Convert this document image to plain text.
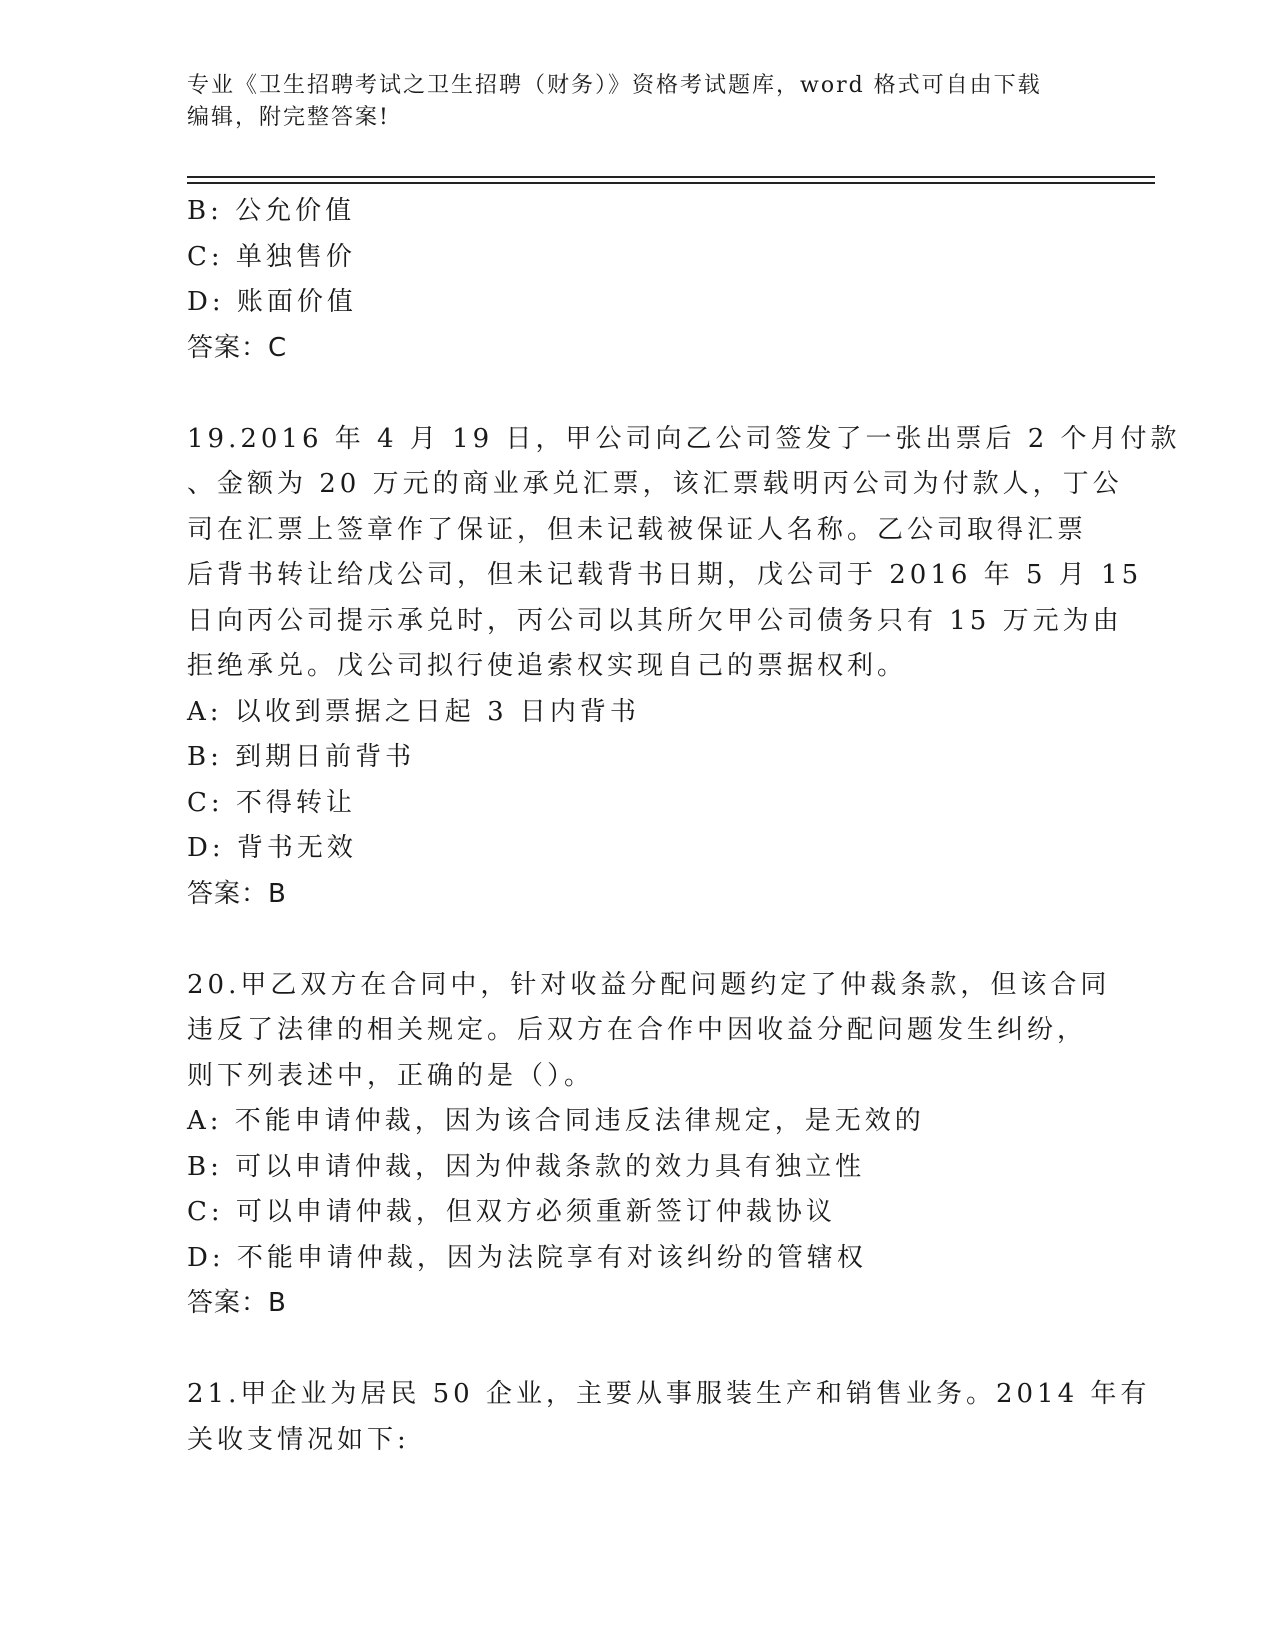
专业《卫生招聘考试之卫生招聘（财务）》资格考试题库，word 格式可自由下载
编辑，附完整答案!
B: 公允价值
C: 单独售价
D: 账面价值
答案：C
19.2016 年 4 月 19 日，甲公司向乙公司签发了一张出票后 2 个月付款
、金额为 20 万元的商业承兑汇票，该汇票载明丙公司为付款人，丁公
司在汇票上签章作了保证，但未记载被保证人名称。乙公司取得汇票
后背书转让给戊公司，但未记载背书日期，戊公司于 2016 年 5 月 15
日向丙公司提示承兑时，丙公司以其所欠甲公司债务只有 15 万元为由
拒绝承兑。戊公司拟行使追索权实现自己的票据权利。
A: 以收到票据之日起 3 日内背书
B: 到期日前背书
C: 不得转让
D: 背书无效
答案：B
20.甲乙双方在合同中，针对收益分配问题约定了仲裁条款，但该合同
违反了法律的相关规定。后双方在合作中因收益分配问题发生纠纷，
则下列表述中，正确的是（）。
A: 不能申请仲裁，因为该合同违反法律规定，是无效的
B: 可以申请仲裁，因为仲裁条款的效力具有独立性
C: 可以申请仲裁，但双方必须重新签订仲裁协议
D: 不能申请仲裁，因为法院享有对该纠纷的管辖权
答案：B
21.甲企业为居民 50 企业，主要从事服装生产和销售业务。2014 年有
关收支情况如下:
